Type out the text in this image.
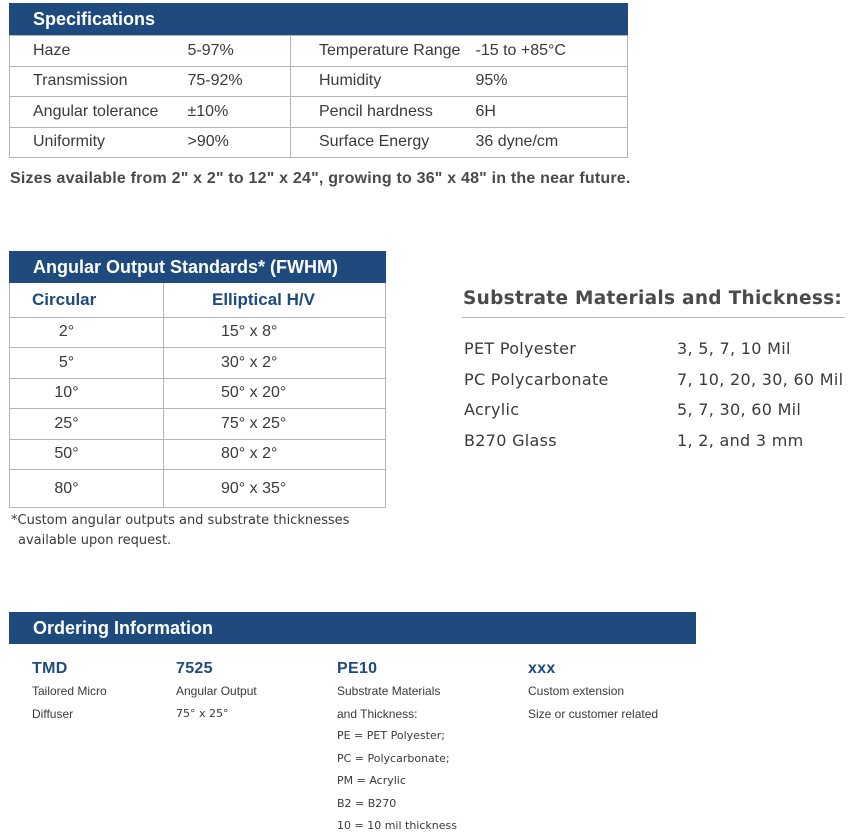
Specifications
Haze	5-97%	Temperature Range	-15 to +85°C
Transmission	75-92%	Humidity	95%
Angular tolerance	±10%	Pencil hardness	6H
Uniformity	>90%	Surface Energy	36 dyne/cm
Sizes available from 2" x 2" to 12" x 24", growing to 36" x 48" in the near future.
Angular Output Standards* (FWHM)
Circular	Elliptical H/V
2°	15° x 8°
5°	30° x 2°
10°	50° x 20°
25°	75° x 25°
50°	80° x 2°
80°	90° x 35°
*Custom angular outputs and substrate thicknesses
available upon request.
Substrate Materials and Thickness:
PET Polyester	3, 5, 7, 10 Mil
PC Polycarbonate	7, 10, 20, 30, 60 Mil
Acrylic	5, 7, 30, 60 Mil
B270 Glass	1, 2, and 3 mm
Ordering Information
TMD
Tailored Micro
Diffuser
7525
Angular Output
75° x 25°
PE10
Substrate Materials
and Thickness:
PE = PET Polyester;
PC = Polycarbonate;
PM = Acrylic
B2 = B270
10 = 10 mil thickness
xxx
Custom extension
Size or customer related
